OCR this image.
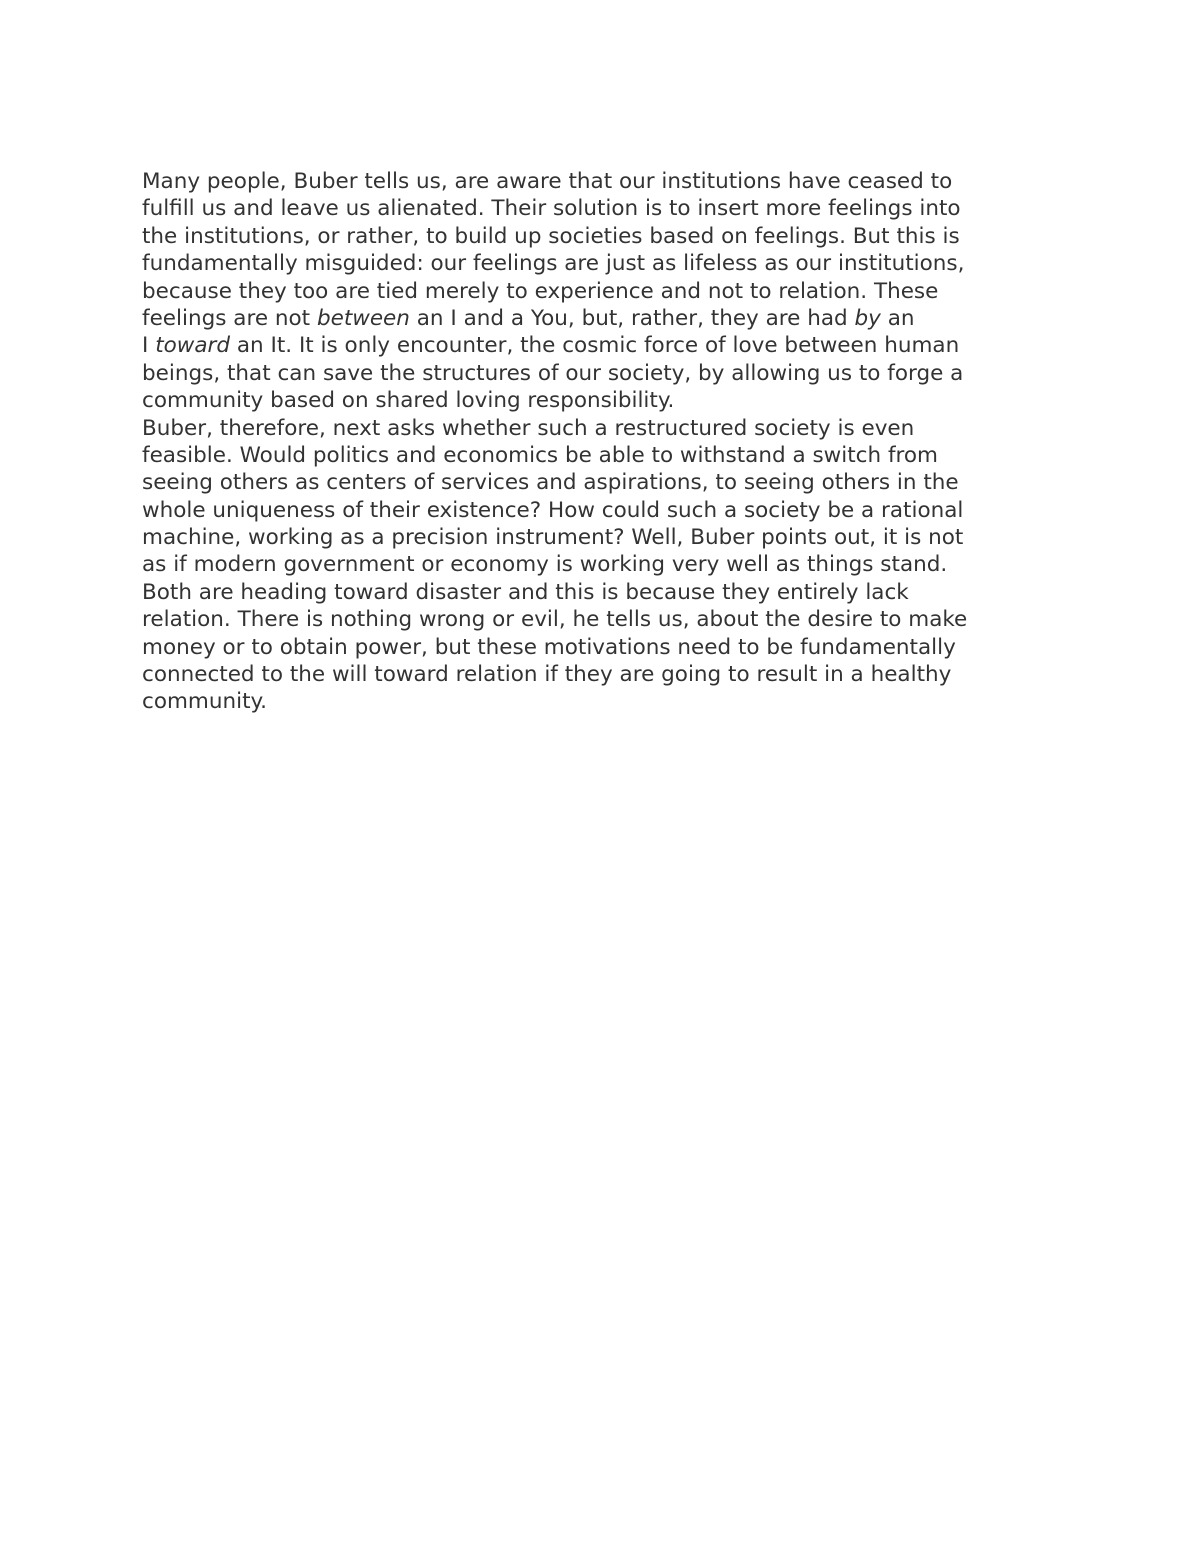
Many people, Buber tells us, are aware that our institutions have ceased to
fulfill us and leave us alienated. Their solution is to insert more feelings into
the institutions, or rather, to build up societies based on feelings. But this is
fundamentally misguided: our feelings are just as lifeless as our institutions,
because they too are tied merely to experience and not to relation. These
feelings are not between an I and a You, but, rather, they are had by an
I toward an It. It is only encounter, the cosmic force of love between human
beings, that can save the structures of our society, by allowing us to forge a
community based on shared loving responsibility.
Buber, therefore, next asks whether such a restructured society is even
feasible. Would politics and economics be able to withstand a switch from
seeing others as centers of services and aspirations, to seeing others in the
whole uniqueness of their existence? How could such a society be a rational
machine, working as a precision instrument? Well, Buber points out, it is not
as if modern government or economy is working very well as things stand.
Both are heading toward disaster and this is because they entirely lack
relation. There is nothing wrong or evil, he tells us, about the desire to make
money or to obtain power, but these motivations need to be fundamentally
connected to the will toward relation if they are going to result in a healthy
community.
